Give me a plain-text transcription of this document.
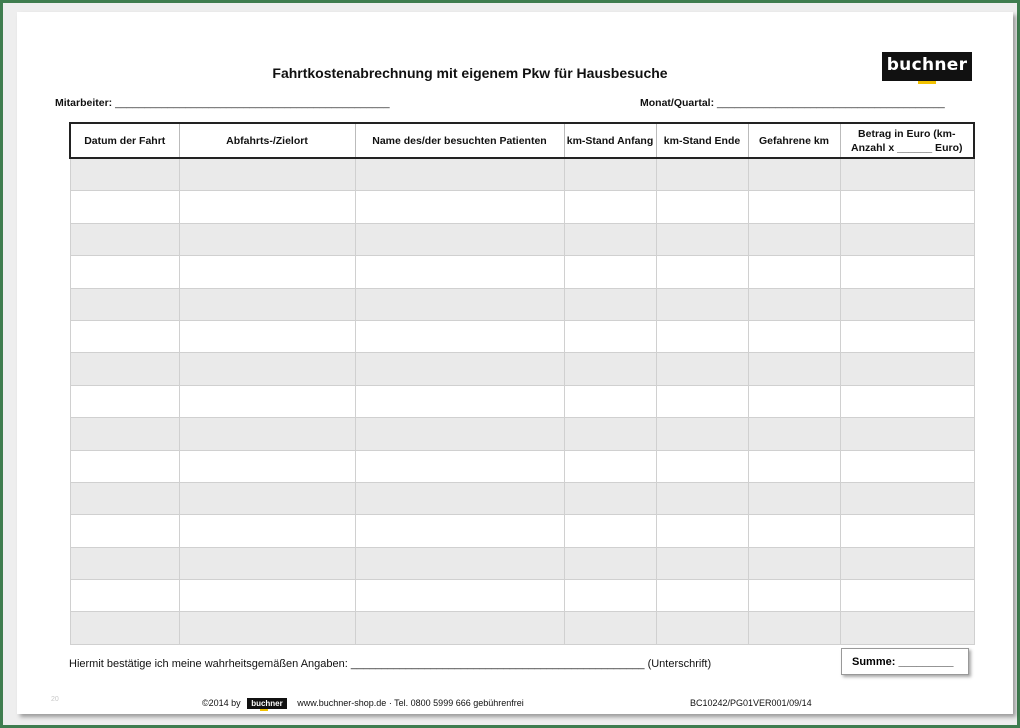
Fahrtkostenabrechnung mit eigenem Pkw für Hausbesuche	buchner
Mitarbeiter: _______________________________________________	Monat/Quartal: _______________________________________
Datum der Fahrt	Abfahrts-/Zielort	Name des/der besuchten Patienten	km-Stand Anfang	km-Stand Ende	Gefahrene km	Betrag in Euro (km-Anzahl x ______ Euro)

Hiermit bestätige ich meine wahrheitsgemäßen Angaben: ________________________________________________ (Unterschrift)	Summe: _________
20	©2014 by buchner www.buchner-shop.de · Tel. 0800 5999 666 gebührenfrei	BC10242/PG01VER001/09/14
